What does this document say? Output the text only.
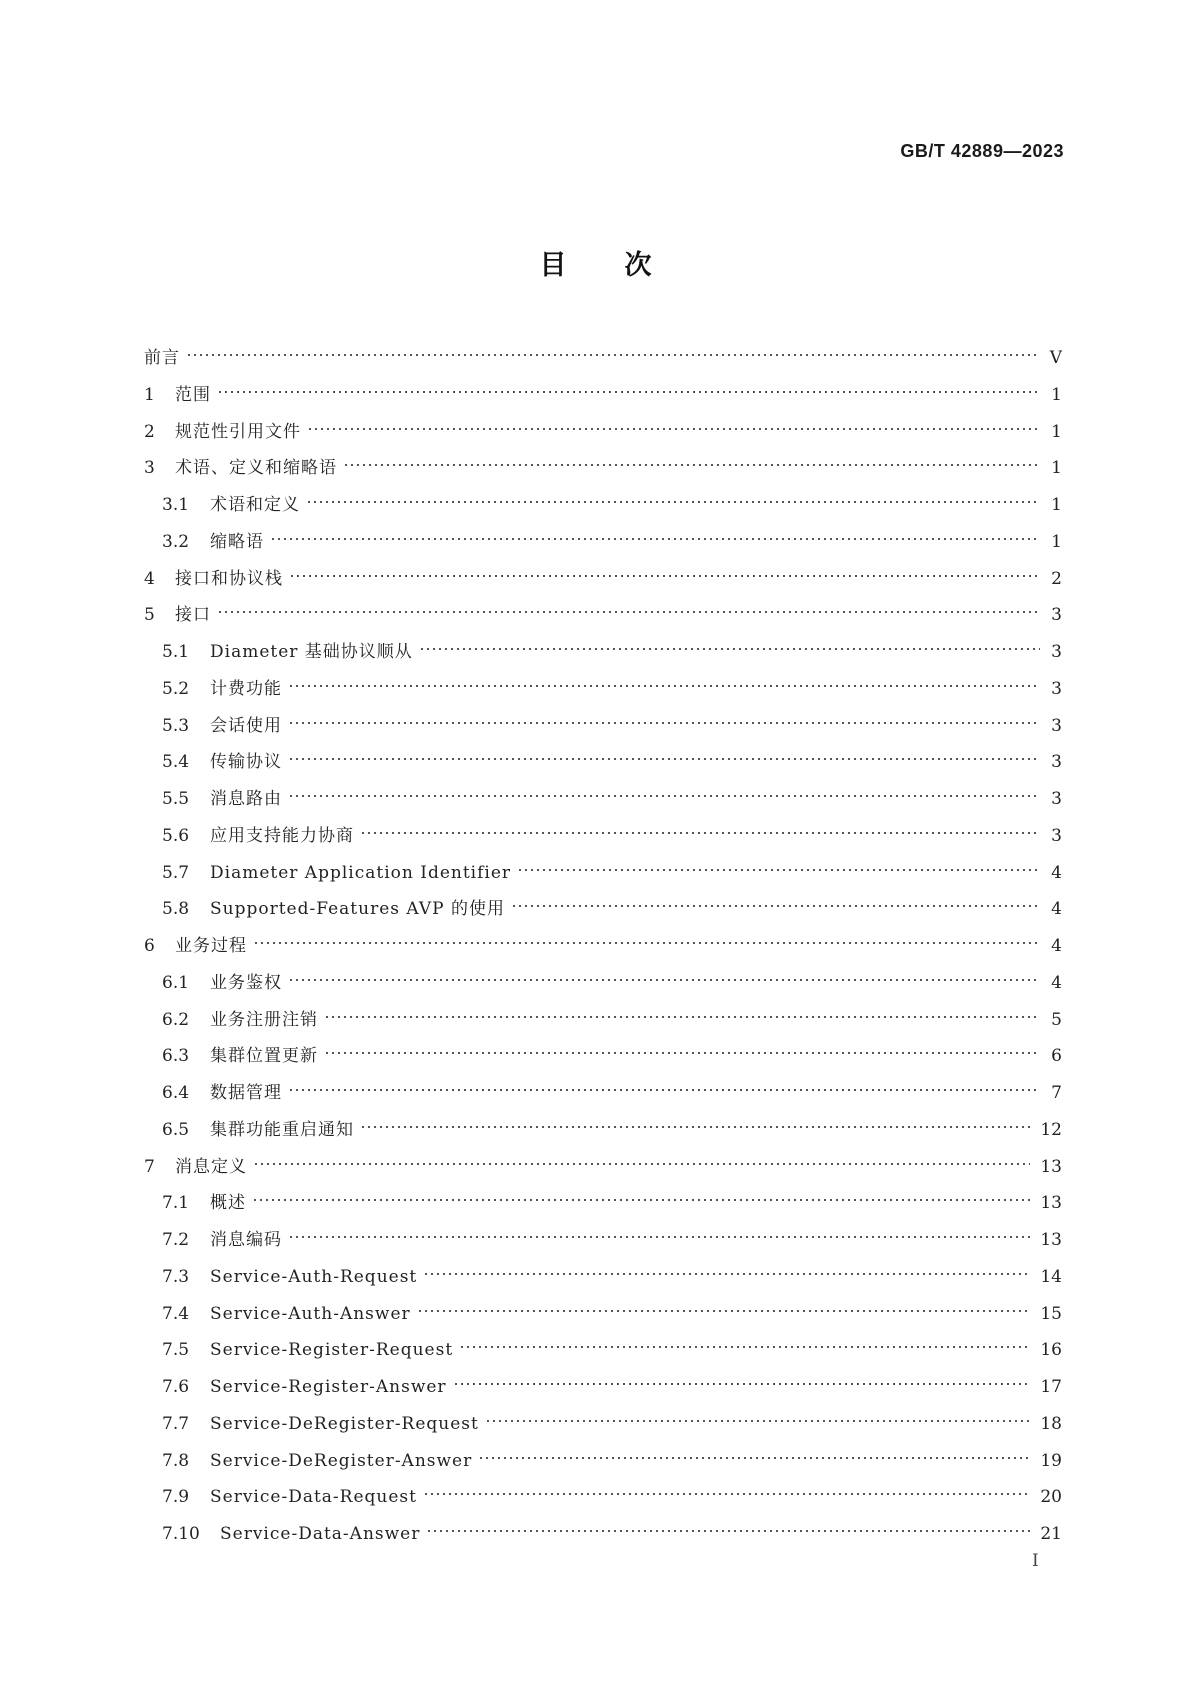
GB/T 42889—2023
目次
前言	Ⅴ
1	范围	1
2	规范性引用文件	1
3	术语、定义和缩略语	1
3.1	术语和定义	1
3.2	缩略语	1
4	接口和协议栈	2
5	接口	3
5.1	Diameter 基础协议顺从	3
5.2	计费功能	3
5.3	会话使用	3
5.4	传输协议	3
5.5	消息路由	3
5.6	应用支持能力协商	3
5.7	Diameter Application Identifier	4
5.8	Supported-Features AVP 的使用	4
6	业务过程	4
6.1	业务鉴权	4
6.2	业务注册注销	5
6.3	集群位置更新	6
6.4	数据管理	7
6.5	集群功能重启通知	12
7	消息定义	13
7.1	概述	13
7.2	消息编码	13
7.3	Service-Auth-Request	14
7.4	Service-Auth-Answer	15
7.5	Service-Register-Request	16
7.6	Service-Register-Answer	17
7.7	Service-DeRegister-Request	18
7.8	Service-DeRegister-Answer	19
7.9	Service-Data-Request	20
7.10	Service-Data-Answer	21
Ⅰ
